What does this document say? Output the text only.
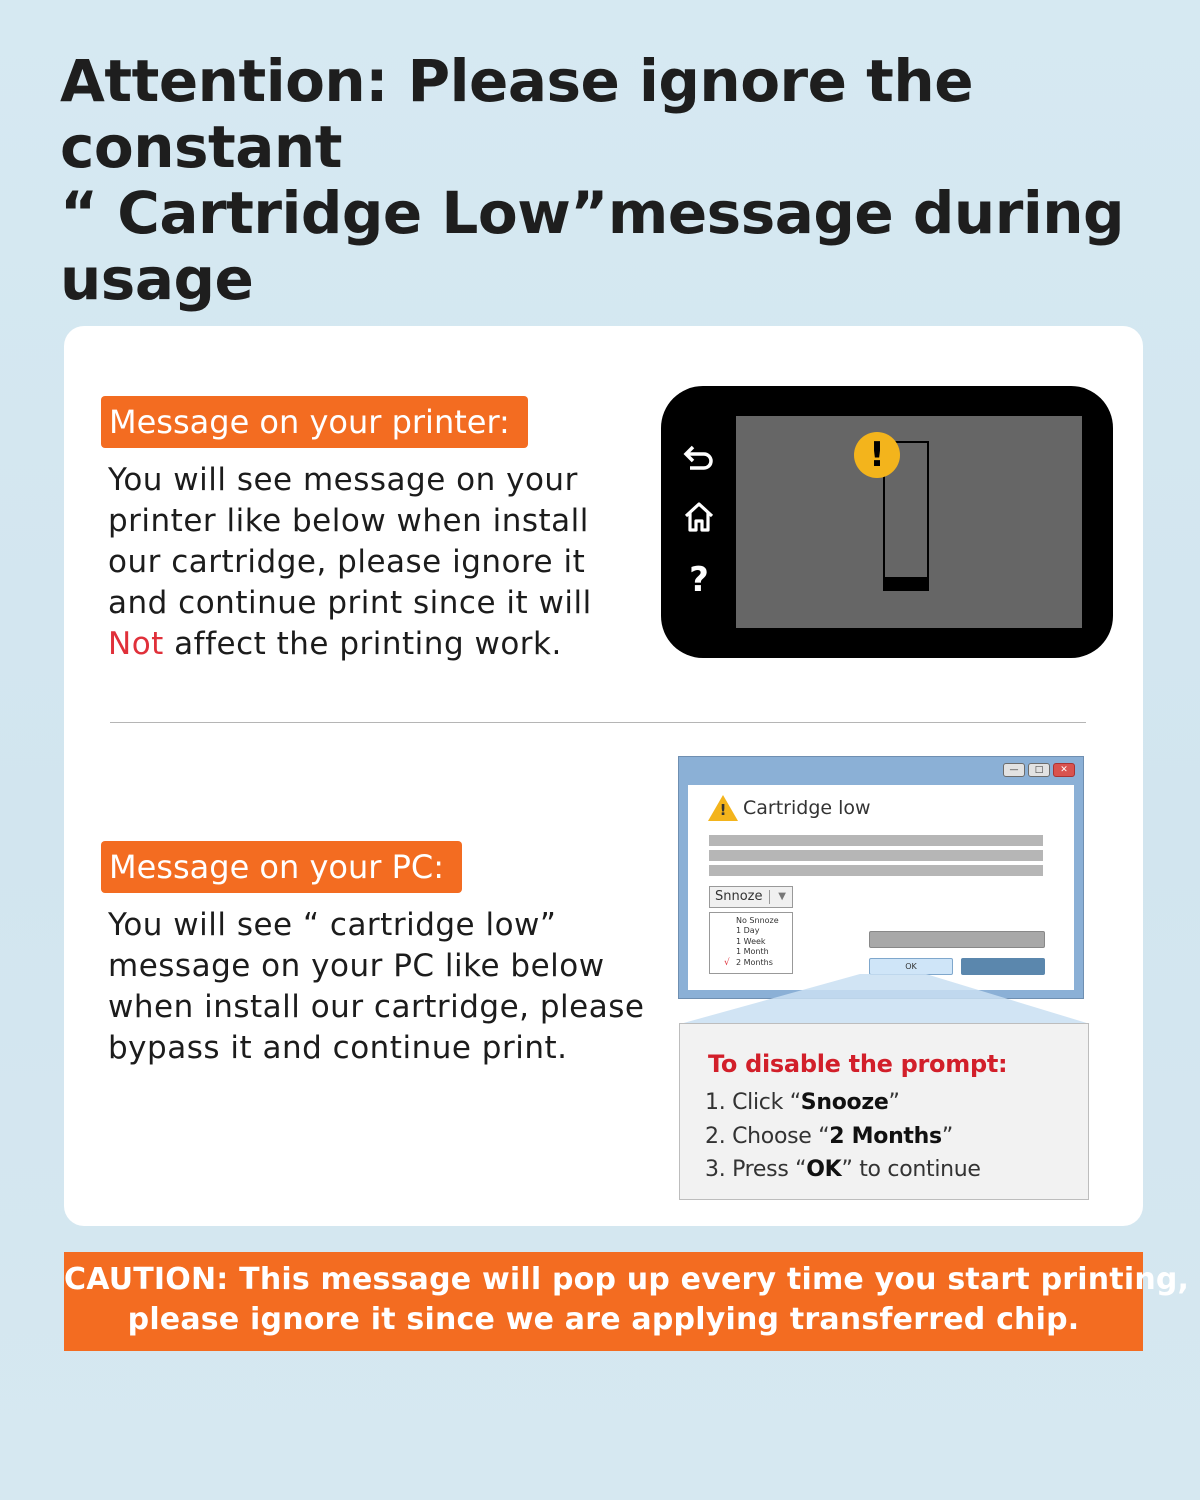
Attention: Please ignore the constant
“ Cartridge Low”message during
usage
Message on your printer:
You will see message on your
printer like below when install
our cartridge, please ignore it
and continue print since it will
Not affect the printing work.
?
!
Message on your PC:
You will see “ cartridge low”
message on your PC like below
when install our cartridge, please
bypass it and continue print.
—	□	✕
! Cartridge low
Snnoze ▼
No Snnoze
1 Day
1 Week
1 Month
√ 2 Months	OK
To disable the prompt:
1. Click “Snooze”
2. Choose “2 Months”
3. Press “OK” to continue
CAUTION: This message will pop up every time you start printing,
please ignore it since we are applying transferred chip.
